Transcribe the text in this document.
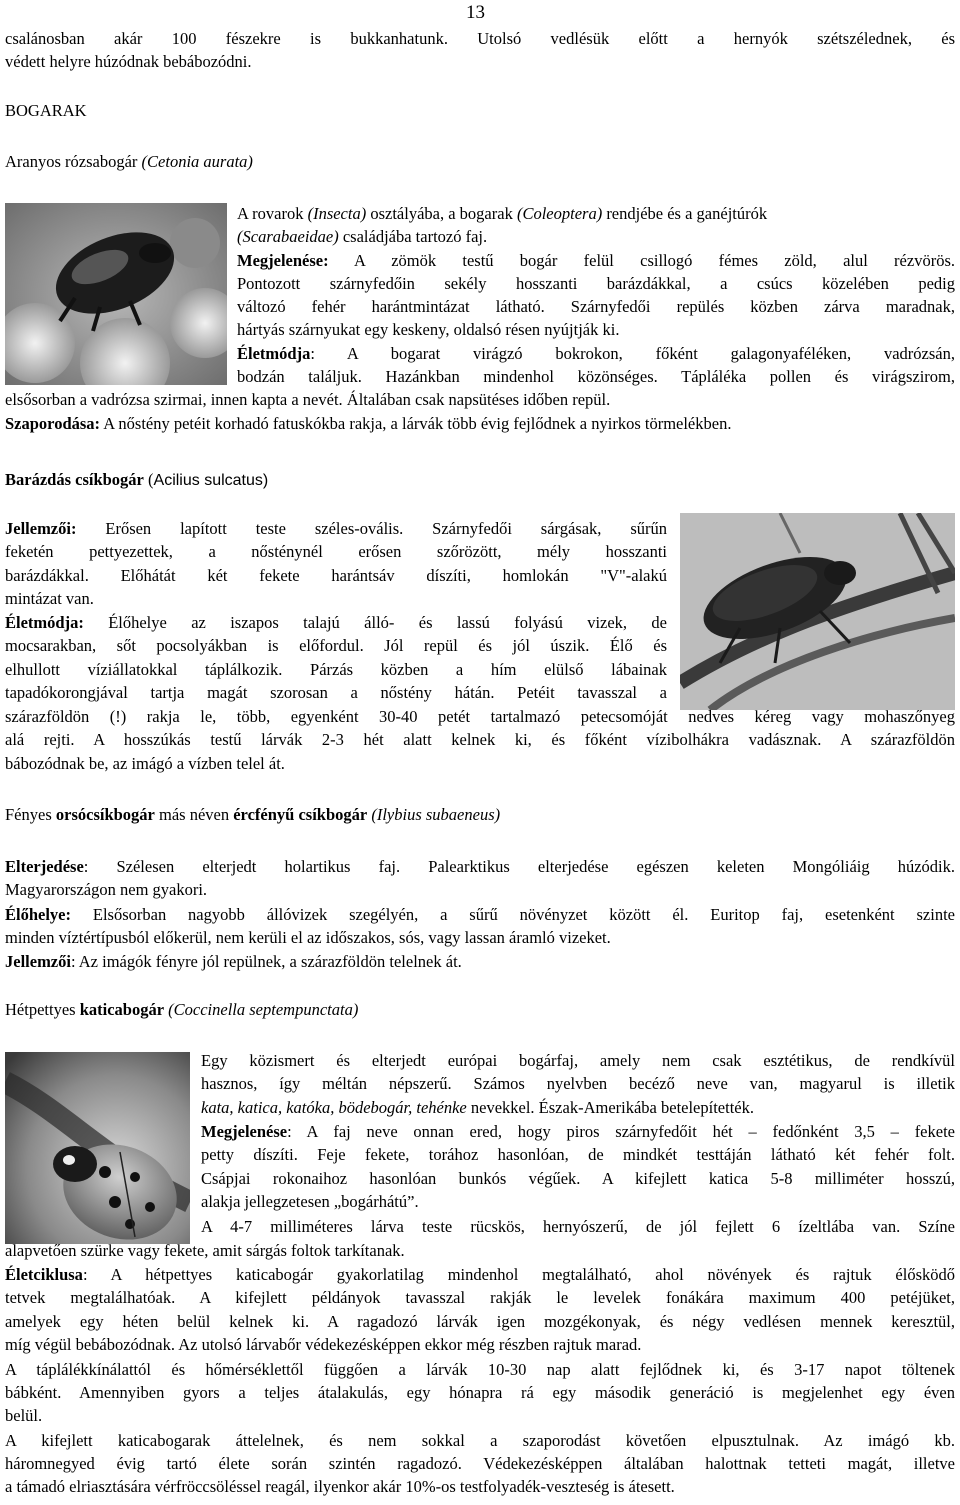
13
csalánosban akár 100 fészekre is bukkanhatunk. Utolsó vedlésük előtt a hernyók szétszélednek, és
védett helyre húzódnak bebábozódni.
BOGARAK
Aranyos rózsabogár (Cetonia aurata)
A rovarok (Insecta) osztályába, a bogarak (Coleoptera) rendjébe és a ganéjtúrók
(Scarabaeidae) családjába tartozó faj.
Megjelenése: A zömök testű bogár felül csillogó fémes zöld, alul rézvörös.
Pontozott szárnyfedőin sekély hosszanti barázdákkal, a csúcs közelében pedig
változó fehér harántmintázat látható. Szárnyfedői repülés közben zárva maradnak,
hártyás szárnyukat egy keskeny, oldalsó résen nyújtják ki.
Életmódja: A bogarat virágzó bokrokon, főként galagonyaféléken, vadrózsán,
bodzán találjuk. Hazánkban mindenhol közönséges. Tápláléka pollen és virágszirom,
elsősorban a vadrózsa szirmai, innen kapta a nevét. Általában csak napsütéses időben repül.
Szaporodása: A nőstény petéit korhadó fatuskókba rakja, a lárvák több évig fejlődnek a nyirkos törmelékben.
Barázdás csíkbogár (Acilius sulcatus)
Jellemzői: Erősen lapított teste széles-ovális. Szárnyfedői sárgásak, sűrűn
feketén pettyezettek, a nősténynél erősen szőrözött, mély hosszanti
barázdákkal. Előhátát két fekete harántsáv díszíti, homlokán "V"-alakú
mintázat van.
Életmódja: Élőhelye az iszapos talajú álló- és lassú folyású vizek, de
mocsarakban, sőt pocsolyákban is előfordul. Jól repül és jól úszik. Élő és
elhullott víziállatokkal táplálkozik. Párzás közben a hím elülső lábainak
tapadókorongjával tartja magát szorosan a nőstény hátán. Petéit tavasszal a
szárazföldön (!) rakja le, több, egyenként 30-40 petét tartalmazó petecsomóját nedves kéreg vagy mohaszőnyeg
alá rejti. A hosszúkás testű lárvák 2-3 hét alatt kelnek ki, és főként vízibolhákra vadásznak. A szárazföldön
bábozódnak be, az imágó a vízben telel át.
Fényes orsócsíkbogár más néven ércfényű csíkbogár (Ilybius subaeneus)
Elterjedése: Szélesen elterjedt holartikus faj. Palearktikus elterjedése egészen keleten Mongóliáig húzódik.
Magyarországon nem gyakori.
Élőhelye: Elsősorban nagyobb állóvizek szegélyén, a sűrű növényzet között él. Euritop faj, esetenként szinte
minden víztértípusból előkerül, nem kerüli el az időszakos, sós, vagy lassan áramló vizeket.
Jellemzői: Az imágók fényre jól repülnek, a szárazföldön telelnek át.
Hétpettyes katicabogár (Coccinella septempunctata)
Egy közismert és elterjedt európai bogárfaj, amely nem csak esztétikus, de rendkívül
hasznos, így méltán népszerű. Számos nyelvben becéző neve van, magyarul is illetik
kata, katica, katóka, bödebogár, tehénke nevekkel. Észak-Amerikába betelepítették.
Megjelenése: A faj neve onnan ered, hogy piros szárnyfedőit hét – fedőnként 3,5 – fekete
petty díszíti. Feje fekete, torához hasonlóan, de mindkét testtáján látható két fehér folt.
Csápjai rokonaihoz hasonlóan bunkós végűek. A kifejlett katica 5-8 milliméter hosszú,
alakja jellegzetesen „bogárhátú”.
A 4-7 milliméteres lárva teste rücskös, hernyószerű, de jól fejlett 6 ízeltlába van. Színe
alapvetően szürke vagy fekete, amit sárgás foltok tarkítanak.
Életciklusa: A hétpettyes katicabogár gyakorlatilag mindenhol megtalálható, ahol növények és rajtuk élősködő
tetvek megtalálhatóak. A kifejlett példányok tavasszal rakják le levelek fonákára maximum 400 petéjüket,
amelyek egy héten belül kelnek ki. A ragadozó lárvák igen mozgékonyak, és négy vedlésen mennek keresztül,
míg végül bebábozódnak. Az utolsó lárvabőr védekezésképpen ekkor még részben rajtuk marad.
A táplálékkínálattól és hőmérséklettől függően a lárvák 10-30 nap alatt fejlődnek ki, és 3-17 napot töltenek
bábként. Amennyiben gyors a teljes átalakulás, egy hónapra rá egy második generáció is megjelenhet egy éven
belül.
A kifejlett katicabogarak áttelelnek, és nem sokkal a szaporodást követően elpusztulnak. Az imágó kb.
háromnegyed évig tartó élete során szintén ragadozó. Védekezésképpen általában halottnak tetteti magát, illetve
a támadó elriasztására vérfröccsöléssel reagál, ilyenkor akár 10%-os testfolyadék-veszteség is átesett.
